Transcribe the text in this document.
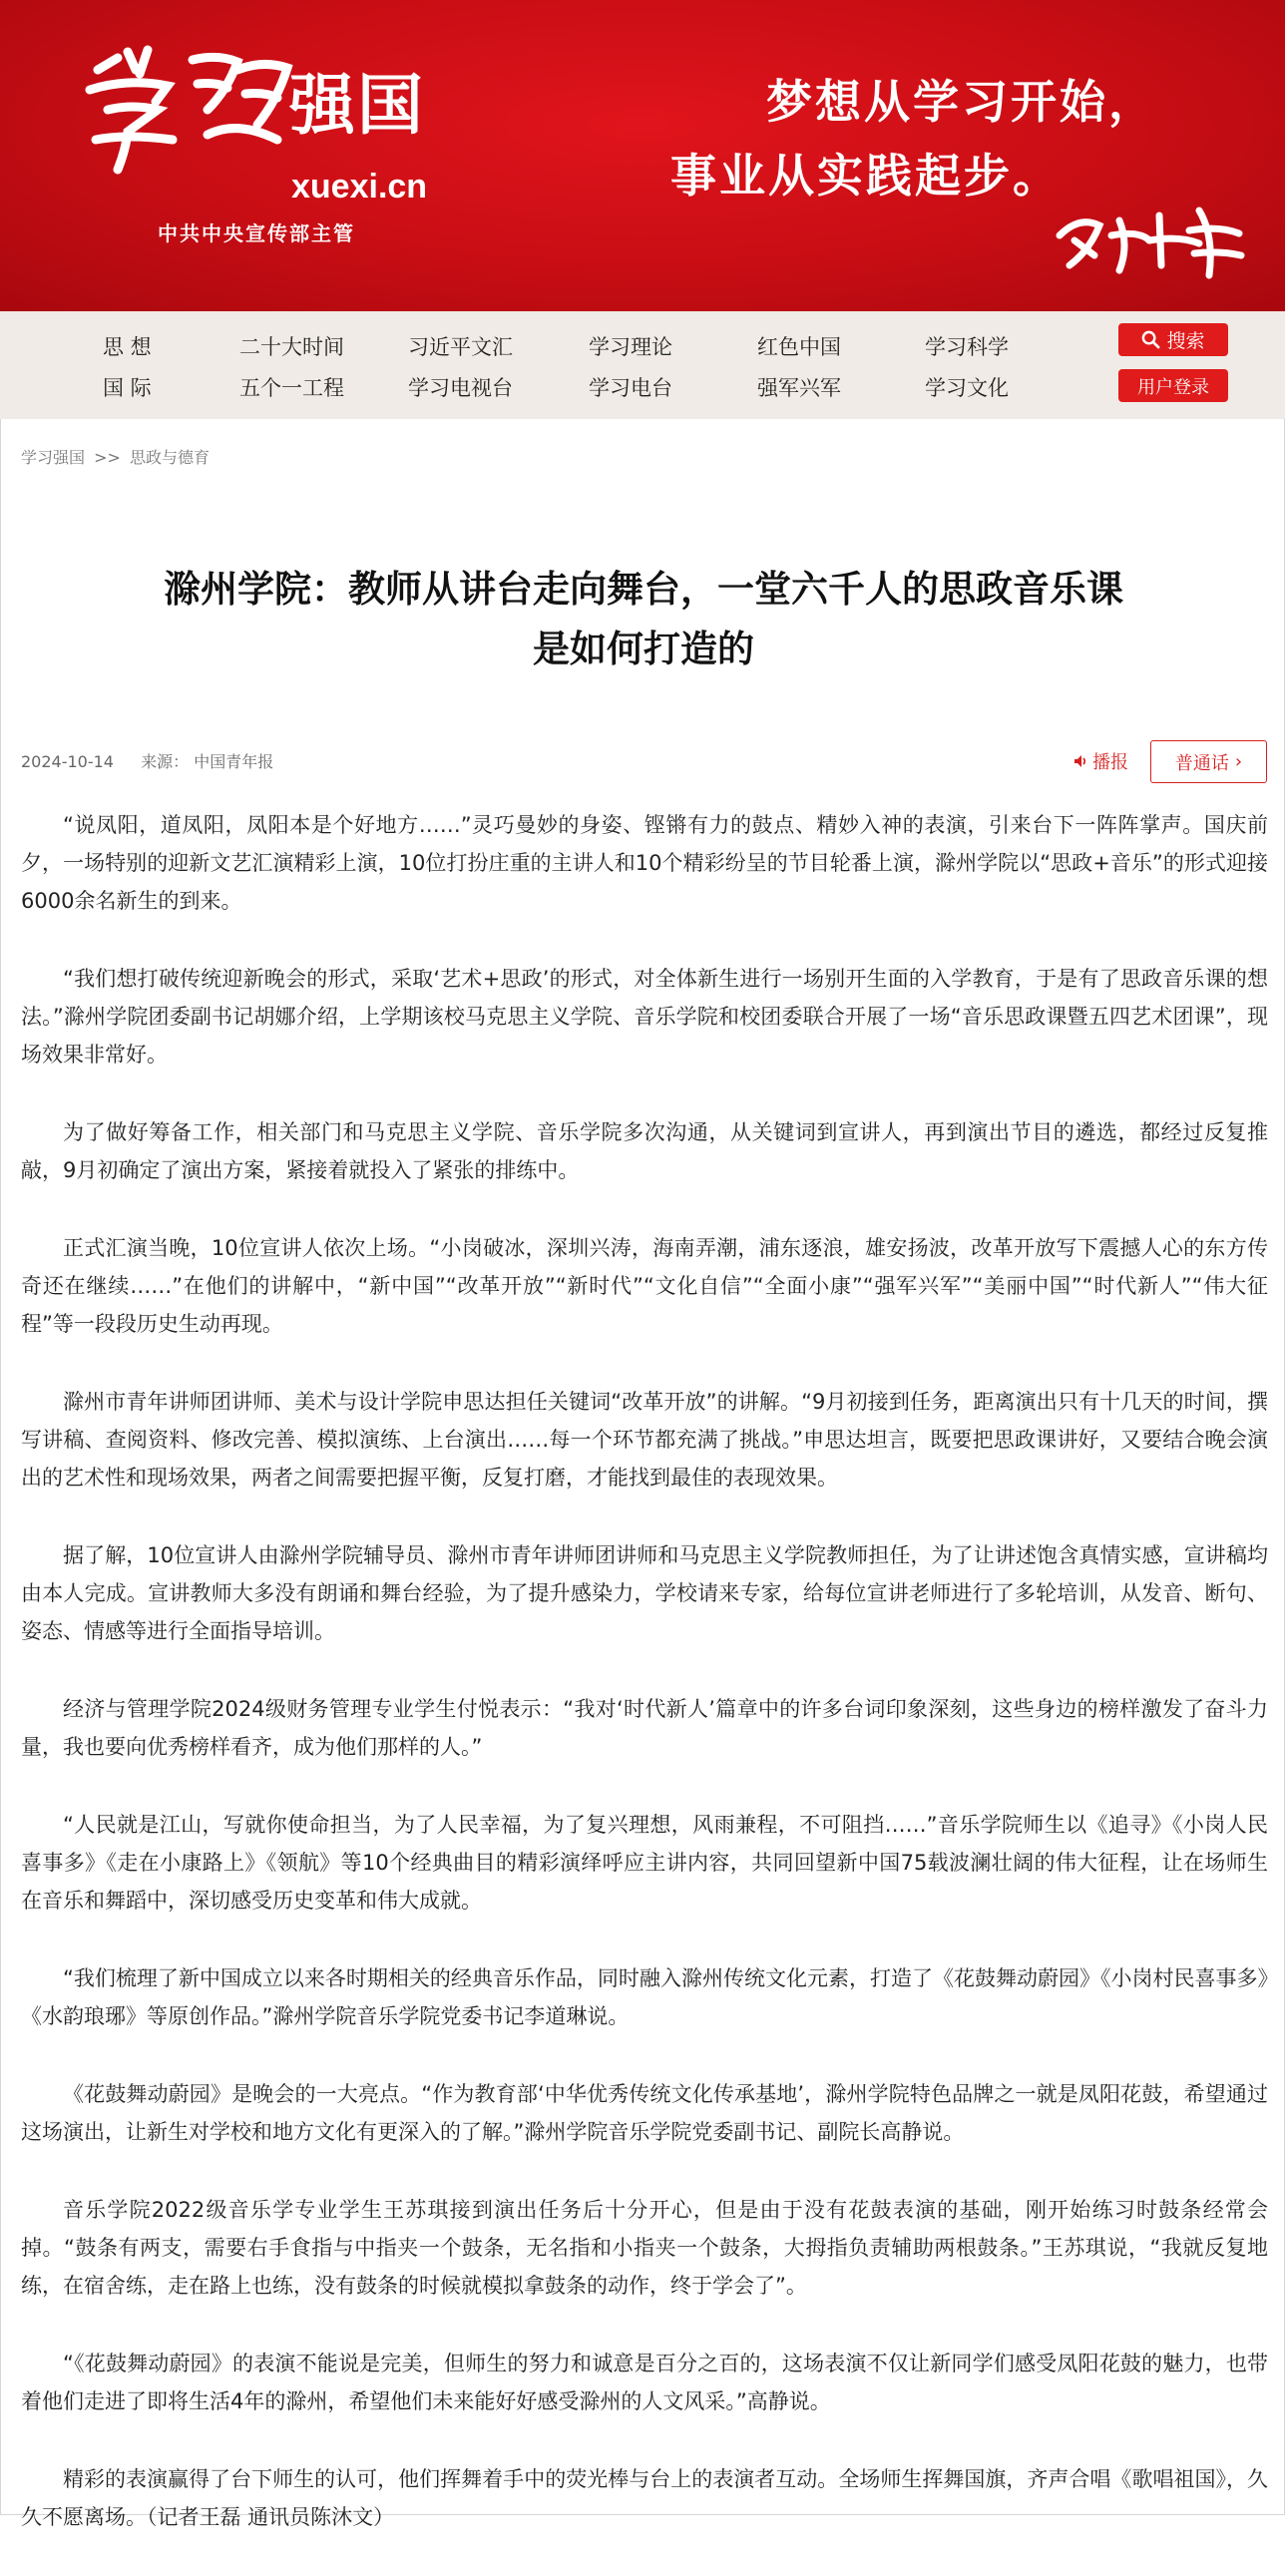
强国
xuexi.cn
中共中央宣传部主管
梦想从学习开始，
事业从实践起步。
思 想	二十大时间	习近平文汇	学习理论	红色中国	学习科学
国 际	五个一工程	学习电视台	学习电台	强军兴军	学习文化
搜索
用户登录
学习强国 >> 思政与德育
滁州学院：教师从讲台走向舞台，一堂六千人的思政音乐课
是如何打造的
2024-10-14 来源： 中国青年报	播报	普通话 ›

“说凤阳，道凤阳，凤阳本是个好地方……”灵巧曼妙的身姿、铿锵有力的鼓点、精妙入神的表演，引来台下一阵阵掌声。国庆前夕，一场特别的迎新文艺汇演精彩上演，10位打扮庄重的主讲人和10个精彩纷呈的节目轮番上演，滁州学院以“思政+音乐”的形式迎接6000余名新生的到来。

“我们想打破传统迎新晚会的形式，采取‘艺术+思政’的形式，对全体新生进行一场别开生面的入学教育，于是有了思政音乐课的想法。”滁州学院团委副书记胡娜介绍，上学期该校马克思主义学院、音乐学院和校团委联合开展了一场“音乐思政课暨五四艺术团课”，现场效果非常好。

为了做好筹备工作，相关部门和马克思主义学院、音乐学院多次沟通，从关键词到宣讲人，再到演出节目的遴选，都经过反复推敲，9月初确定了演出方案，紧接着就投入了紧张的排练中。

正式汇演当晚，10位宣讲人依次上场。“小岗破冰，深圳兴涛，海南弄潮，浦东逐浪，雄安扬波，改革开放写下震撼人心的东方传奇还在继续……”在他们的讲解中，“新中国”“改革开放”“新时代”“文化自信”“全面小康”“强军兴军”“美丽中国”“时代新人”“伟大征程”等一段段历史生动再现。

滁州市青年讲师团讲师、美术与设计学院申思达担任关键词“改革开放”的讲解。“9月初接到任务，距离演出只有十几天的时间，撰写讲稿、查阅资料、修改完善、模拟演练、上台演出……每一个环节都充满了挑战。”申思达坦言，既要把思政课讲好，又要结合晚会演出的艺术性和现场效果，两者之间需要把握平衡，反复打磨，才能找到最佳的表现效果。

据了解，10位宣讲人由滁州学院辅导员、滁州市青年讲师团讲师和马克思主义学院教师担任，为了让讲述饱含真情实感，宣讲稿均由本人完成。宣讲教师大多没有朗诵和舞台经验，为了提升感染力，学校请来专家，给每位宣讲老师进行了多轮培训，从发音、断句、姿态、情感等进行全面指导培训。

经济与管理学院2024级财务管理专业学生付悦表示：“我对‘时代新人’篇章中的许多台词印象深刻，这些身边的榜样激发了奋斗力量，我也要向优秀榜样看齐，成为他们那样的人。”

“人民就是江山，写就你使命担当，为了人民幸福，为了复兴理想，风雨兼程，不可阻挡……”音乐学院师生以《追寻》《小岗人民喜事多》《走在小康路上》《领航》等10个经典曲目的精彩演绎呼应主讲内容，共同回望新中国75载波澜壮阔的伟大征程，让在场师生在音乐和舞蹈中，深切感受历史变革和伟大成就。

“我们梳理了新中国成立以来各时期相关的经典音乐作品，同时融入滁州传统文化元素，打造了《花鼓舞动蔚园》《小岗村民喜事多》《水韵琅琊》等原创作品。”滁州学院音乐学院党委书记李道琳说。

《花鼓舞动蔚园》是晚会的一大亮点。“作为教育部‘中华优秀传统文化传承基地’，滁州学院特色品牌之一就是凤阳花鼓，希望通过这场演出，让新生对学校和地方文化有更深入的了解。”滁州学院音乐学院党委副书记、副院长高静说。

音乐学院2022级音乐学专业学生王苏琪接到演出任务后十分开心，但是由于没有花鼓表演的基础，刚开始练习时鼓条经常会掉。“鼓条有两支，需要右手食指与中指夹一个鼓条，无名指和小指夹一个鼓条，大拇指负责辅助两根鼓条。”王苏琪说，“我就反复地练，在宿舍练，走在路上也练，没有鼓条的时候就模拟拿鼓条的动作，终于学会了”。

“《花鼓舞动蔚园》的表演不能说是完美，但师生的努力和诚意是百分之百的，这场表演不仅让新同学们感受凤阳花鼓的魅力，也带着他们走进了即将生活4年的滁州，希望他们未来能好好感受滁州的人文风采。”高静说。

精彩的表演赢得了台下师生的认可，他们挥舞着手中的荧光棒与台上的表演者互动。全场师生挥舞国旗，齐声合唱《歌唱祖国》，久久不愿离场。（记者王磊 通讯员陈沐文）
